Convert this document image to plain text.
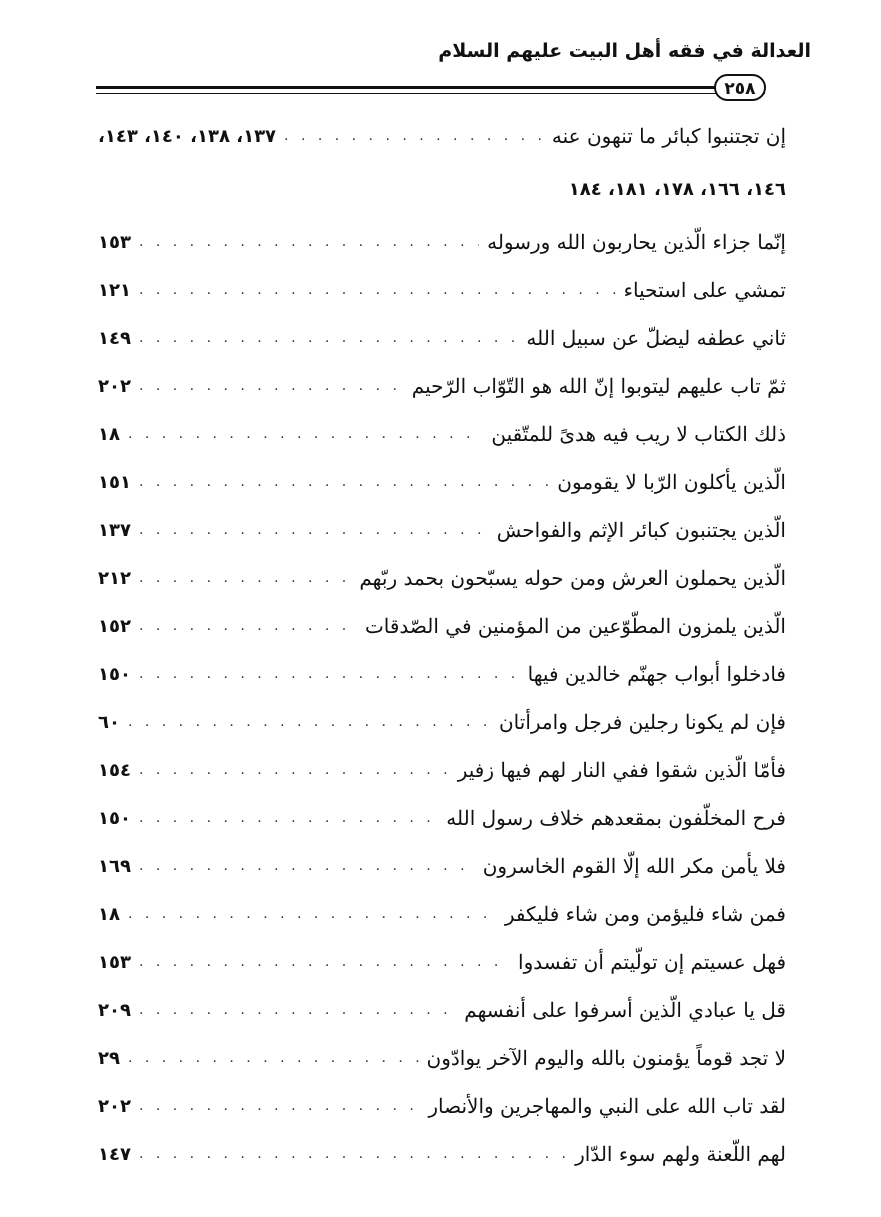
العدالة في فقه أهل البيت عليهم السلام
٢٥٨
إن تجتنبوا كبائر ما تنهون عنه
. . .
١٣٧، ١٣٨، ١٤٠، ١٤٣،
١٤٦، ١٦٦، ١٧٨، ١٨١، ١٨٤
إنّما جزاء الّذين يحاربون الله ورسوله
. . .
١٥٣
تمشي على استحياء
. . .
١٢١
ثاني عطفه ليضلّ عن سبيل الله
. . .
١٤٩
ثمّ تاب عليهم ليتوبوا إنّ الله هو التّوّاب الرّحيم
. . .
٢٠٢
ذلك الكتاب لا ريب فيه هدىً للمتّقين
. . .
١٨
الّذين يأكلون الرّبا لا يقومون
. . .
١٥١
الّذين يجتنبون كبائر الإثم والفواحش
. . .
١٣٧
الّذين يحملون العرش ومن حوله يسبّحون بحمد ربّهم
. . .
٢١٢
الّذين يلمزون المطّوّعين من المؤمنين في الصّدقات
. . .
١٥٢
فادخلوا أبواب جهنّم خالدين فيها
. . .
١٥٠
فإن لم يكونا رجلين فرجل وامرأتان
. . .
٦٠
فأمّا الّذين شقوا ففي النار لهم فيها زفير
. . .
١٥٤
فرح المخلّفون بمقعدهم خلاف رسول الله
. . .
١٥٠
فلا يأمن مكر الله إلّا القوم الخاسرون
. . .
١٦٩
فمن شاء فليؤمن ومن شاء فليكفر
. . .
١٨
فهل عسيتم إن تولّيتم أن تفسدوا
. . .
١٥٣
قل يا عبادي الّذين أسرفوا على أنفسهم
. . .
٢٠٩
لا تجد قوماً يؤمنون بالله واليوم الآخر يوادّون
. . .
٢٩
لقد تاب الله على النبي والمهاجرين والأنصار
. . .
٢٠٢
لهم اللّعنة ولهم سوء الدّار
. . .
١٤٧
